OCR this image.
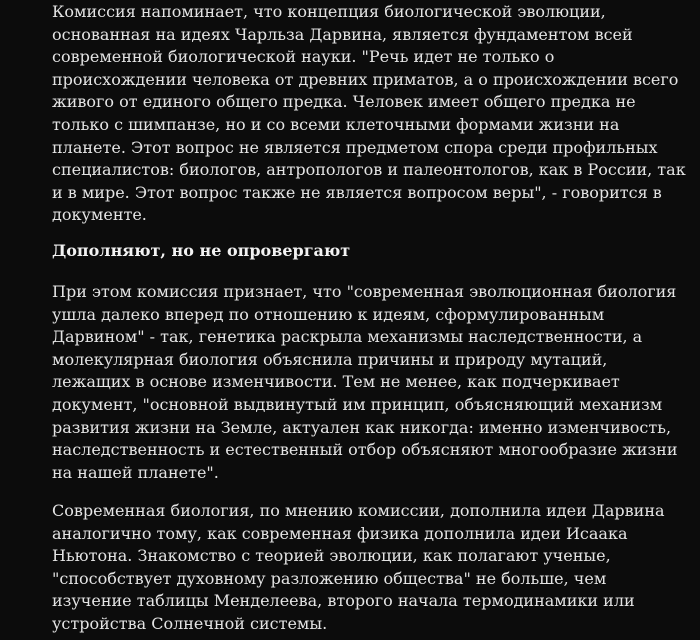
Комиссия напоминает, что концепция биологической эволюции,
основанная на идеях Чарльза Дарвина, является фундаментом всей
современной биологической науки. "Речь идет не только о
происхождении человека от древних приматов, а о происхождении всего
живого от единого общего предка. Человек имеет общего предка не
только с шимпанзе, но и со всеми клеточными формами жизни на
планете. Этот вопрос не является предметом спора среди профильных
специалистов: биологов, антропологов и палеонтологов, как в России, так
и в мире. Этот вопрос также не является вопросом веры", - говорится в
документе.
Дополняют, но не опровергают
При этом комиссия признает, что "современная эволюционная биология
ушла далеко вперед по отношению к идеям, сформулированным
Дарвином" - так, генетика раскрыла механизмы наследственности, а
молекулярная биология объяснила причины и природу мутаций,
лежащих в основе изменчивости. Тем не менее, как подчеркивает
документ, "основной выдвинутый им принцип, объясняющий механизм
развития жизни на Земле, актуален как никогда: именно изменчивость,
наследственность и естественный отбор объясняют многообразие жизни
на нашей планете".
Современная биология, по мнению комиссии, дополнила идеи Дарвина
аналогично тому, как современная физика дополнила идеи Исаака
Ньютона. Знакомство с теорией эволюции, как полагают ученые,
"способствует духовному разложению общества" не больше, чем
изучение таблицы Менделеева, второго начала термодинамики или
устройства Солнечной системы.
